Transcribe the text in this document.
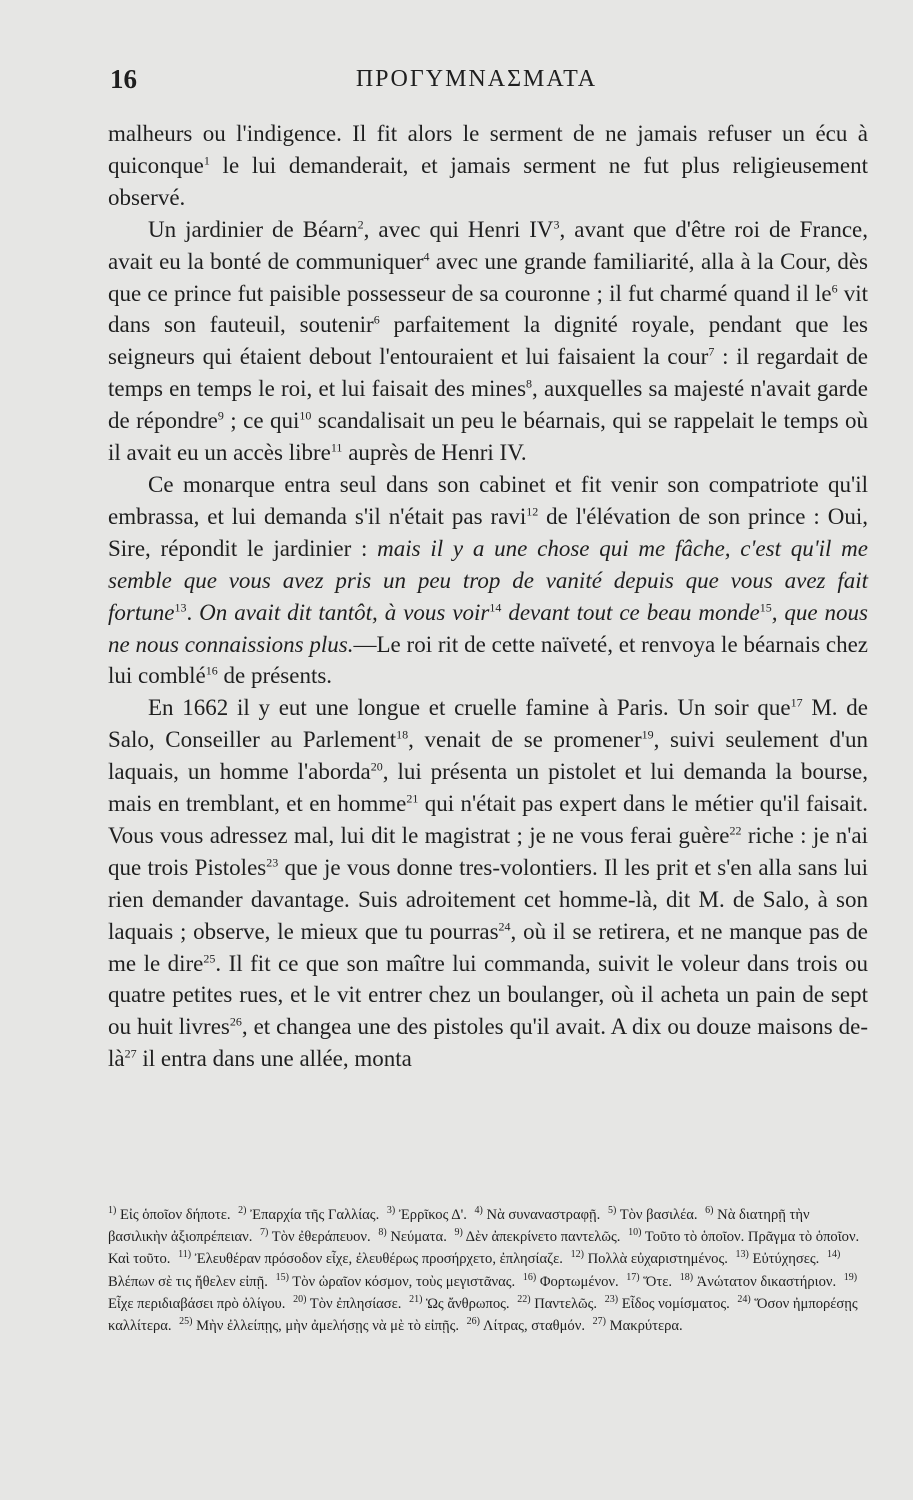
16	ΠΡΟΓΥΜΝΑΣΜΑΤΑ

malheurs ou l'indigence. Il fit alors le serment de ne jamais refuser un écu à quiconque$^1$ le lui demanderait, et jamais serment ne fut plus religieusement observé.

Un jardinier de Béarn$^2$, avec qui Henri $IV^3$, avant que d'être roi de France, avait eu la bonté de communiquer$^4$ avec une grande familiarité, alla à la Cour, dès que ce prince fut paisible possesseur de sa couronne ; il fut charmé quand il $le^6$ vit dans son fauteuil, soutenir$^6$ parfaitement la dignité royale, pendant que les seigneurs qui étaient debout l'entouraient et lui faisaient la cour$^7$ : il regardait de temps en temps le roi, et lui faisait des mines$^8$, auxquelles sa majesté n'avait garde de répondre$^9$ ; ce qui$^{10}$ scandalisait un peu le béarnais, qui se rappelait le temps où il avait eu un accès libre$^{11}$ auprès de Henri IV.

Ce monarque entra seul dans son cabinet et fit venir son compatriote qu'il embrassa, et lui demanda s'il n'était pas ravi$^{12}$ de l'élévation de son prince : Oui, Sire, répondit le jardinier : mais il y a une chose qui me fâche, c'est qu'il me semble que vous avez pris un peu trop de vanité depuis que vous avez fait fortune$^{13}$. On avait dit tantôt, à vous voir$^{14}$ devant tout ce beau monde$^{15}$, que nous ne nous connaissions plus.—Le roi rit de cette naïveté, et renvoya le béarnais chez lui comblé$^{16}$ de présents.

En 1662 il y eut une longue et cruelle famine à Paris. Un soir que$^{17}$ M. de Salo, Conseiller au Parlement$^{18}$, venait de se promener$^{19}$, suivi seulement d'un laquais, un homme l'aborda$^{20}$, lui présenta un pistolet et lui demanda la bourse, mais en tremblant, et en homme$^{21}$ qui n'était pas expert dans le métier qu'il faisait. Vous vous adressez mal, lui dit le magistrat ; je ne vous ferai guère$^{22}$ riche : je n'ai que trois Pistoles$^{23}$ que je vous donne tres-volontiers. Il les prit et s'en alla sans lui rien demander davantage. Suis adroitement cet homme-là, dit M. de Salo, à son laquais ; observe, le mieux que tu pourras$^{24}$, où il se retirera, et ne manque pas de me le dire$^{25}$. Il fit ce que son maître lui commanda, suivit le voleur dans trois ou quatre petites rues, et le vit entrer chez un boulanger, où il acheta un pain de sept ou huit livres$^{26}$, et changea une des pistoles qu'il avait. A dix ou douze maisons $de-là^{27}$ il entra dans une allée, monta

$^{1)}$ Εἰς ὁποῖον δήποτε. $^{2)}$ Ἐπαρχία τῆς Γαλλίας. $^{3)}$ Ἐρρῖκος Δ'. $^{4)}$ Νὰ συναναστραφῇ. $^{5)}$ Τὸν βασιλέα. $^{6)}$ Νὰ διατηρῇ τὴν βασιλικὴν ἀξιοπρέπειαν. $^{7)}$ Τὸν ἐθεράπευον. $^{8)}$ Νεύματα. $^{9)}$ Δὲν ἀπεκρίνετο παντελῶς. $^{10)}$ Τοῦτο τὸ ὁποῖον. Πρᾶγμα τὸ ὁποῖον. Καὶ τοῦτο. $^{11)}$ Ἐλευθέραν πρόσοδον εἶχε, ἐλευθέρως προσήρχετο, ἐπλησίαζε. $^{12)}$ Πολλὰ εὐχαριστημένος. $^{13)}$ Εὐτύχησες. $^{14)}$ Βλέπων σὲ τις ἤθελεν εἰπῇ. $^{15)}$ Τὸν ὡραῖον κόσμον, τοὺς μεγιστᾶνας. $^{16)}$ Φορτωμένον. $^{17)}$ Ὅτε. $^{18)}$ Ἀνώτατον δικαστήριον. $^{19)}$ Εἶχε περιδιαβάσει πρὸ ὀλίγου. $^{20)}$ Τὸν ἐπλησίασε. $^{21)}$ Ὡς ἄνθρωπος. $^{22)}$ Παντελῶς. $^{23)}$ Εἶδος νομίσματος. $^{24)}$ Ὅσον ἠμπορέσῃς καλλίτερα. $^{25)}$ Μὴν ἐλλείπῃς, μὴν ἀμελήσῃς νὰ μὲ τὸ εἰπῇς. $^{26)}$ Λίτρας, σταθμόν. $^{27)}$ Μακρύτερα.
